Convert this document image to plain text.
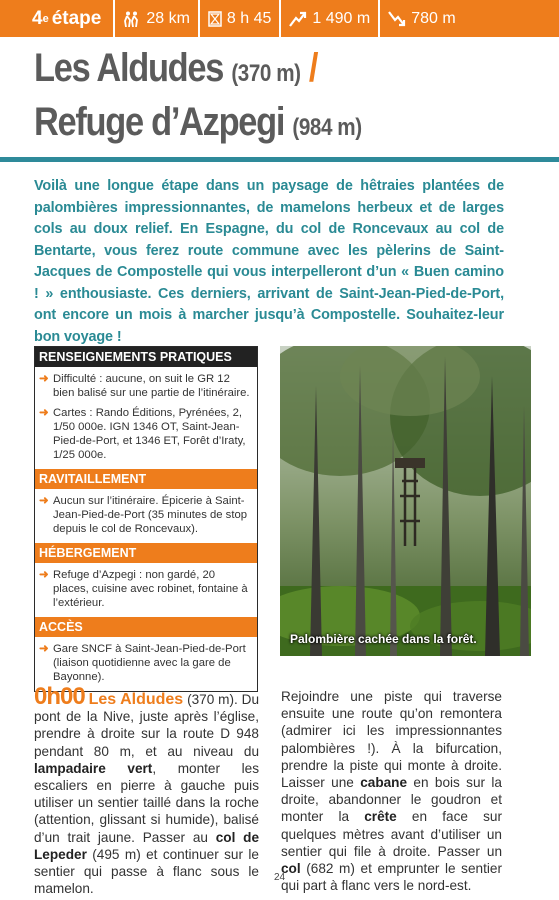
4 e étape	28 km 8 h 45	1 490 m	780 m
Les Aldudes (370 m) /
Refuge d’Azpegi (984 m)
Voilà une longue étape dans un paysage de hêtraies plantées de palombières impressionnantes, de mamelons herbeux et de larges cols au doux relief. En Espagne, du col de Roncevaux au col de Bentarte, vous ferez route commune avec les pèlerins de Saint-Jacques de Compostelle qui vous interpelleront d’un « Buen camino ! » enthousiaste. Ces derniers, arrivant de Saint-Jean-Pied-de-Port, ont encore un mois à marcher jusqu’à Compostelle. Souhaitez-leur bon voyage !
RENSEIGNEMENTS PRATIQUES
➜ Difficulté : aucune, on suit le GR 12 bien balisé sur une partie de l’itinéraire.
➜ Cartes : Rando Éditions, Pyrénées, 2, 1/50 000e. IGN 1346 OT, Saint-Jean-Pied-de-Port, et 1346 ET, Forêt d’Iraty, 1/25 000e.
RAVITAILLEMENT
➜ Aucun sur l’itinéraire. Épicerie à Saint-Jean-Pied-de-Port (35 minutes de stop depuis le col de Roncevaux).
HÉBERGEMENT
➜ Refuge d’Azpegi : non gardé, 20 places, cuisine avec robinet, fontaine à l’extérieur.
ACCÈS
➜ Gare SNCF à Saint-Jean-Pied-de-Port (liaison quotidienne avec la gare de Bayonne).
Palombière cachée dans la forêt.
0h00 Les Aldudes (370 m). Du pont de la Nive, juste après l’église, prendre à droite sur la route D 948 pendant 80 m, et au niveau du lampadaire vert, monter les escaliers en pierre à gauche puis utiliser un sentier taillé dans la roche (attention, glissant si humide), balisé d’un trait jaune. Passer au col de Lepeder (495 m) et continuer sur le sentier qui passe à flanc sous le mamelon.
Rejoindre une piste qui traverse ensuite une route qu’on remontera (admirer ici les impressionnantes palombières !). À la bifurcation, prendre la piste qui monte à droite. Laisser une cabane en bois sur la droite, abandonner le goudron et monter la crête en face sur quelques mètres avant d’utiliser un sentier qui file à droite. Passer un col (682 m) et emprunter le sentier qui part à flanc vers le nord-est.
24
